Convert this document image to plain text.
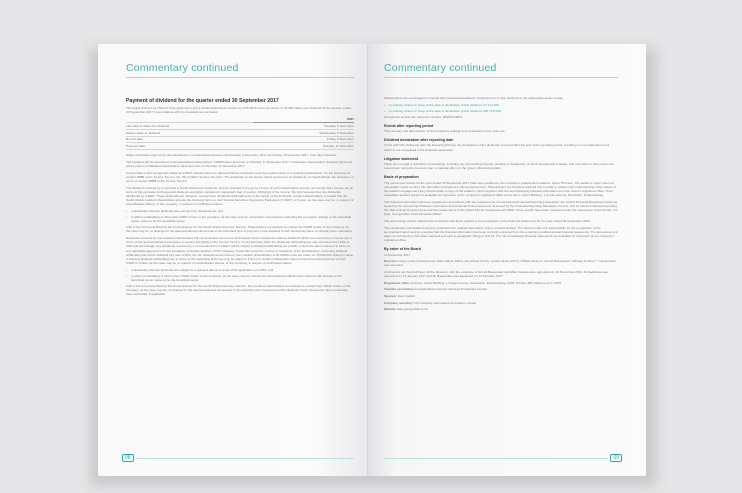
Commentary continued
Payment of dividend for the quarter ended 30 September 2017
The board of directors ("Board") has approved a gross dividend (dividend number 4) of 25.2870 cents per share on 78,000 shares per dividend for the quarter ended 30 September 2017 in accordance with the timetable set out below:
	2017
Last date to trade cum dividend	Tuesday, 5 December
Shares trade ex dividend	Wednesday, 6 December
Record date	Friday, 8 December
Payment date	Monday, 11 December
Share certificates may not be dematerialised or rematerialised between Wednesday, 6 December 2017 and Friday, 8 December 2017, both days inclusive.
The dividend will be transferred to dematerialised shareholders' CSDP/broker accounts on Monday, 11 December 2017. Certificated shareholders' dividend payments will be paid to certificated shareholders' bank accounts on Monday, 11 December 2017.
In accordance with Gemgrowth status as a REIT, shareholders are advised that the dividends meet the requirements of a "qualifying distribution" for the purposes of section 25BB of the Income Tax Act, No. 58 of 1962 ("Income Tax Act"). The dividends on the shares will be deemed to be dividends, for South African tax purposes, in terms of section 25BB of the Income Tax Act.
The dividend received by or accrued to South African tax residents must be included in the gross income of such shareholders and are not exempt from income tax (in terms of the exclusion to the general dividend exemption contained in paragraph (aa) of section 10(1)(k)(i) of the Income Tax Act) because they are dividends distributed by a REIT. These dividends are, however, exempt from dividends withholding tax in the hands of South African resident shareholders, provided that the South African resident shareholders provide the following forms to their Central Securities Depository Participant ("CSDP") or broker, as the case may be, in respect of uncertificated shares, or the company, in respect of certificated shares:
• a declaration that the dividends are exempt from dividends tax; and
• a written undertaking to inform the CSDP, broker or the company, as the case may be, should the circumstances affecting the exemption change or the beneficial owner cease to be the beneficial owner.
both in the form prescribed by the Commissioner for the South African Revenue Service. Shareholders are advised to contact the CSDP, broker or the company, as the case may be, to arrange for the abovementioned documents to be submitted prior to payment of the dividend if such documents have not already been submitted.
Dividends received by non-resident shareholders will not be taxable as income and instead will be treated as ordinary dividends which are exempt from income tax in terms of the general dividend exemption in section 10(1)(k)(i) of the Income Tax Act. On 22 February 2017 the dividends withholding tax rate increased from 15% to 20% and accordingly, any dividends received by a non-resident from a REIT will be subject to dividend withholding tax at 20%, unless the rate is reduced in terms of any applicable agreement for the avoidance of double taxation ("DTA") between South Africa and the country of residence of the shareholders. Assuming dividend withholding tax will be withheld at a rate of 20%, the net dividend amount due to non-resident shareholders is 20.22960 cents per share on 78,000,000 shares in issue. A reduced dividend withholding rate in terms of the applicable DTA may only be relied on if the non-resident shareholder has provided the following forms to their CSDP or broker, as the case may be, in respect of uncertificated shares, or the company, in respect of certificated shares:
• a declaration that the dividends are subject to a reduced rate as a result of the application of a DTA; and
• a written undertaking to inform their CSDP, broker or the company, as the case may be, should the circumstances affecting the reduced rate change or the beneficial owner cease to be the beneficial owner.
both in the form prescribed by the Commissioner for the South African Revenue Service. Non-resident shareholders are advised to contact their CSDP, broker or the company, as the case may be, to arrange for the abovementioned documents to be submitted prior to payment of the dividend if such documents have not already been submitted, if applicable.
08
Commentary continued
Shareholders are encouraged to consult their professional advisers should they be in any doubt as to the appropriate action to take.
• In ordinary shares in issue at the date of declaration of this dividend: 47 212 203.
• In ordinary shares in issue at the date of declaration of this dividend: 680 710 638.
Gemgrowth income tax reference number: 9096721/9871
Events after reporting period
The company will take transfer of the properties relating to its acquisitions post year-end.
Dividend declaration after reporting date
In line with IAS 10 Events after the Reporting Period, the declaration of the dividends occurred after the end of the reporting period, resulting in a non-adjusting event which is not recognised in the financial statements.
Litigation statement
There are no legal or arbitration proceedings, including any proceedings that are pending or threatened, of which Gemgrowth is aware, that may have or have had in the recent past, being the previous year, a material effect on the group's financial position.
Basis of preparation
The condensed results for the year ended 30 September 2017 have been audited by the company's independent auditors, Grant Thornton. The auditor's report does not necessarily report on all of the information contained in this announcement. Shareholders are therefore advised that in order to obtain a full understanding of the nature of the auditor's engagement they should obtain a copy of the auditor's report together with the accompanying financial information from the issuer's registered office. Their unqualified audited opinion is available for inspection at the company's registered office at 3rd Floor, Upper Building, 1 Ocean Avenue, Rosebank, Johannesburg.
The financial information has been prepared in accordance with the requirements of International Financial Reporting Standards, the SAICA Financial Reporting Guides as issued by the Accounting Practices Committee and Financial Pronouncements as issued by the Financial Reporting Standards Council, IAS 34 Interim Financial Reporting, the JSE Listings Requirements and the requirements of the South African Companies Act 2008. These results have been prepared under the supervision of EJ Verster, CA (SA), Gemgrowth's Chief Financial Officer.
The accounting policies adopted are consistent with those applied in the preparation of the financial statements for the year ended 30 September 2016.
The condensed consolidated report is extracted from audited information, but is not itself audited. The directors take full responsibility for the preparation of the summarised report and for ensuring that the financial information has been correctly extracted from the underlying audited annual financial statements. The announcement does not include the information required pursuant to paragraph 16A(j) of IAS 34. The full consolidated financial statements are available for inspection at the company's registered office.
By order of the Board
13 November 2017
Directors Greg Lundie (Chairperson), Mark Kalvin (CEO), Alon Kirkel (COO), Jerald Landis (CFO), Clifford Abrams*, Arnold Basserdaw*, Michael Fichtner* * independent non-executive
All directors are South African. All the directors, with the exception of Arnold Basserdaw and Mark Kapaas were appointed on 20 December 2016. All Kadarowa was appointed on 13 January 2017 and Mr Basserdaw was appointed on 14 February 2017.
Registered office 3rd Floor, Upper Building, 1 Ocean Avenue, Rosebank, Johannesburg, 2196, PO Box 885, Melrose Arch, 2076
Transfer secretaries Computershare Investor Services Proprietary Limited
Sponsor Java Capital
Company secretary CIS Company Secretaries Proprietary Limited
Website www.gemgrowth.co.za
09
